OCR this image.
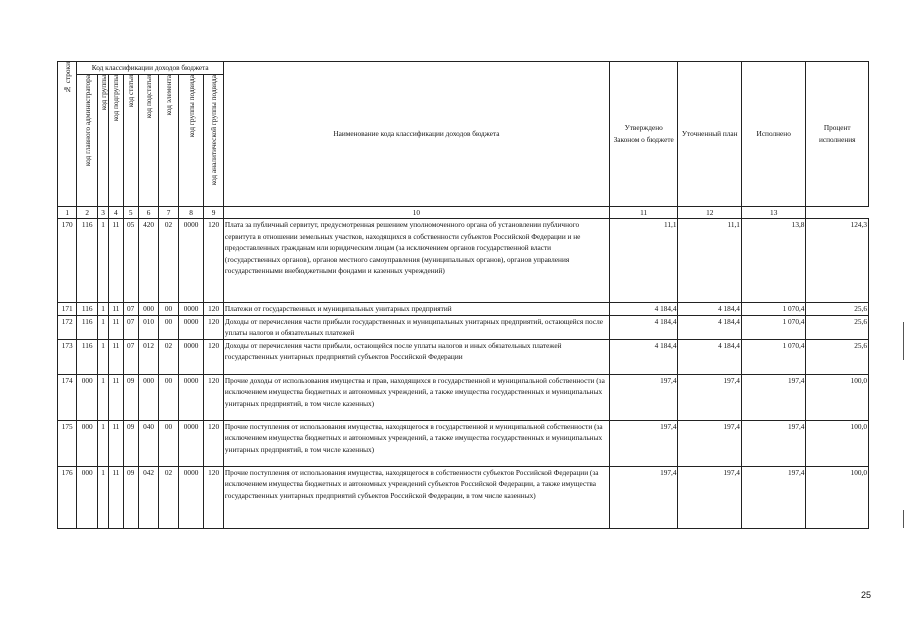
№ строки	Код классификации доходов бюджета								Наименование кода классификации доходов бюджета	Утверждено Законом о бюджете	Уточненный план	Исполнено	Процент исполнения
	код главного администратора	код группы	код подгруппы	код статьи	код подстатьи	код элемента	код группы подвида	код аналитической группы подвида					
1	2	3	4	5	6	7	8	9	10	11	12	13	
170	116	1	11	05	420	02	0000	120	Плата за публичный сервитут, предусмотренная решением уполномоченного органа об установлении публичного сервитута в отношении земельных участков, находящихся в собственности субъектов Российской Федерации и не предоставленных гражданам или юридическим лицам (за исключением органов государственной власти (государственных органов), органов местного самоуправления (муниципальных органов), органов управления государственными внебюджетными фондами и казенных учреждений)	11,1	11,1	13,8	124,3
171	116	1	11	07	000	00	0000	120	Платежи от государственных и муниципальных унитарных предприятий	4 184,4	4 184,4	1 070,4	25,6
172	116	1	11	07	010	00	0000	120	Доходы от перечисления части прибыли государственных и муниципальных унитарных предприятий, остающейся после уплаты налогов и обязательных платежей	4 184,4	4 184,4	1 070,4	25,6
173	116	1	11	07	012	02	0000	120	Доходы от перечисления части прибыли, остающейся после уплаты налогов и иных обязательных платежей государственных унитарных предприятий субъектов Российской Федерации	4 184,4	4 184,4	1 070,4	25,6
174	000	1	11	09	000	00	0000	120	Прочие доходы от использования имущества и прав, находящихся в государственной и муниципальной собственности (за исключением имущества бюджетных и автономных учреждений, а также имущества государственных и муниципальных унитарных предприятий, в том числе казенных)	197,4	197,4	197,4	100,0
175	000	1	11	09	040	00	0000	120	Прочие поступления от использования имущества, находящегося в государственной и муниципальной собственности (за исключением имущества бюджетных и автономных учреждений, а также имущества государственных и муниципальных унитарных предприятий, в том числе казенных)	197,4	197,4	197,4	100,0
176	000	1	11	09	042	02	0000	120	Прочие поступления от использования имущества, находящегося в собственности субъектов Российской Федерации (за исключением имущества бюджетных и автономных учреждений субъектов Российской Федерации, а также имущества государственных унитарных предприятий субъектов Российской Федерации, в том числе казенных)	197,4	197,4	197,4	100,0
25
